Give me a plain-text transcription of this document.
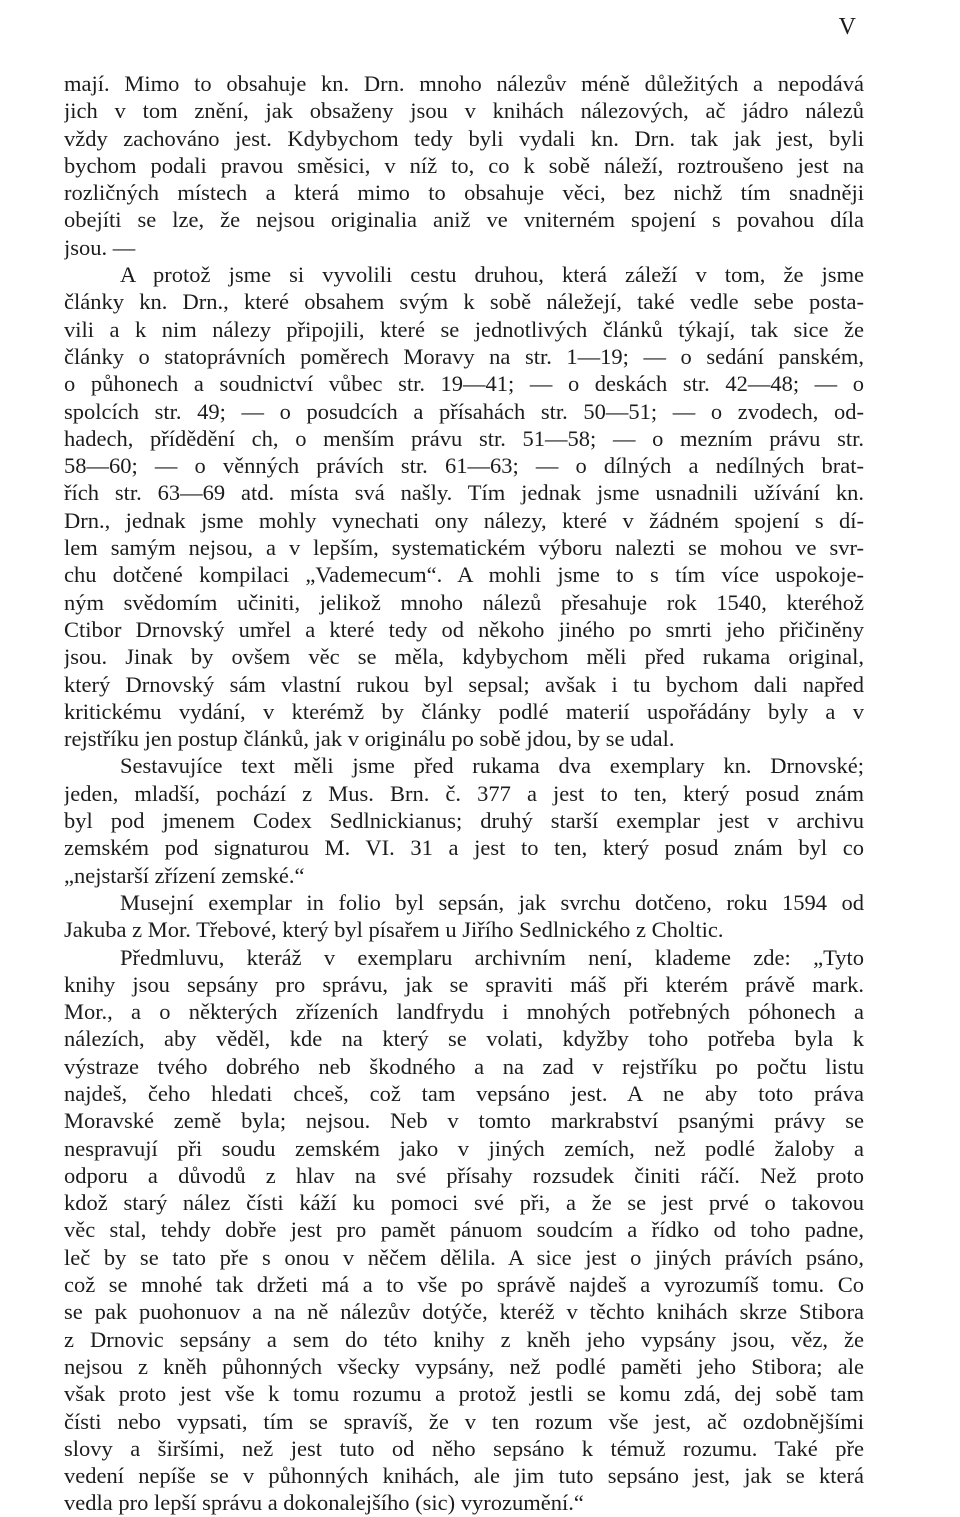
V

mají. Mimo to obsahuje kn. Drn. mnoho nálezův méně důležitých a nepodává
jich v tom znění, jak obsaženy jsou v knihách nálezových, ač jádro nálezů
vždy zachováno jest. Kdybychom tedy byli vydali kn. Drn. tak jak jest, byli
bychom podali pravou směsici, v níž to, co k sobě náleží, roztroušeno jest na
rozličných místech a která mimo to obsahuje věci, bez nichž tím snadněji
obejíti se lze, že nejsou originalia aniž ve vniterném spojení s povahou díla
jsou. —
A protož jsme si vyvolili cestu druhou, která záleží v tom, že jsme
články kn. Drn., které obsahem svým k sobě náležejí, také vedle sebe posta-
vili a k nim nálezy připojili, které se jednotlivých článků týkají, tak sice že
články o statoprávních poměrech Moravy na str. 1—19; — o sedání panském,
o půhonech a soudnictví vůbec str. 19—41; — o deskách str. 42—48; — o
spolcích str. 49; — o posudcích a přísahách str. 50—51; — o zvodech, od-
hadech, přídědění ch, o menším právu str. 51—58; — o mezním právu str.
58—60; — o věnných právích str. 61—63; — o dílných a nedílných brat-
řích str. 63—69 atd. místa svá našly. Tím jednak jsme usnadnili užívání kn.
Drn., jednak jsme mohly vynechati ony nálezy, které v žádném spojení s dí-
lem samým nejsou, a v lepším, systematickém výboru nalezti se mohou ve svr-
chu dotčené kompilaci „Vademecum“. A mohli jsme to s tím více uspokoje-
ným svědomím učiniti, jelikož mnoho nálezů přesahuje rok 1540, kteréhož
Ctibor Drnovský umřel a které tedy od někoho jiného po smrti jeho přičiněny
jsou. Jinak by ovšem věc se měla, kdybychom měli před rukama original,
který Drnovský sám vlastní rukou byl sepsal; avšak i tu bychom dali napřed
kritickému vydání, v kterémž by články podlé materií uspořádány byly a v
rejstříku jen postup článků, jak v originálu po sobě jdou, by se udal.
Sestavujíce text měli jsme před rukama dva exemplary kn. Drnovské;
jeden, mladší, pochází z Mus. Brn. č. 377 a jest to ten, který posud znám
byl pod jmenem Codex Sedlnickianus; druhý starší exemplar jest v archivu
zemském pod signaturou M. VI. 31 a jest to ten, který posud znám byl co
„nejstarší zřízení zemské.“
Musejní exemplar in folio byl sepsán, jak svrchu dotčeno, roku 1594 od
Jakuba z Mor. Třebové, který byl písařem u Jiřího Sedlnického z Choltic.
Předmluvu, kteráž v exemplaru archivním není, klademe zde: „Tyto
knihy jsou sepsány pro správu, jak se spraviti máš při kterém právě mark.
Mor., a o některých zřízeních landfrydu i mnohých potřebných póhonech a
nálezích, aby věděl, kde na který se volati, kdyžby toho potřeba byla k
výstraze tvého dobrého neb škodného a na zad v rejstříku po počtu listu
najdeš, čeho hledati chceš, což tam vepsáno jest. A ne aby toto práva
Moravské země byla; nejsou. Neb v tomto markrabství psanými právy se
nespravují při soudu zemském jako v jiných zemích, než podlé žaloby a
odporu a důvodů z hlav na své přísahy rozsudek činiti ráčí. Než proto
kdož starý nález čísti káží ku pomoci své při, a že se jest prvé o takovou
věc stal, tehdy dobře jest pro pamět pánuom soudcím a řídko od toho padne,
leč by se tato pře s onou v něčem dělila. A sice jest o jiných právích psáno,
což se mnohé tak držeti má a to vše po správě najdeš a vyrozumíš tomu. Co
se pak puohonuov a na ně nálezův dotýče, kteréž v těchto knihách skrze Stibora
z Drnovic sepsány a sem do této knihy z kněh jeho vypsány jsou, věz, že
nejsou z kněh půhonných všecky vypsány, než podlé paměti jeho Stibora; ale
však proto jest vše k tomu rozumu a protož jestli se komu zdá, dej sobě tam
čísti nebo vypsati, tím se spravíš, že v ten rozum vše jest, ač ozdobnějšími
slovy a širšími, než jest tuto od něho sepsáno k témuž rozumu. Také pře
vedení nepíše se v půhonných knihách, ale jim tuto sepsáno jest, jak se která
vedla pro lepší správu a dokonalejšího (sic) vyrozumění.“
